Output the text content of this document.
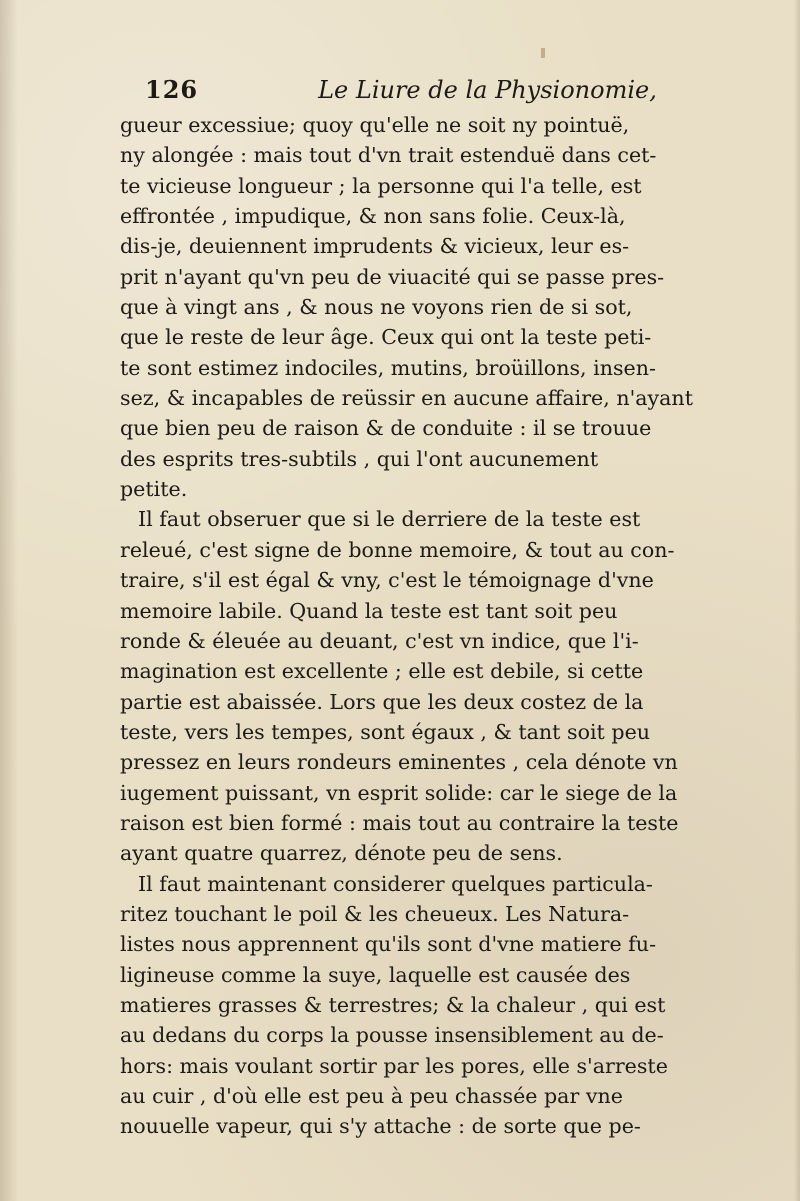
126	Le Liure de la Physionomie,
gueur excessiue; quoy qu'elle ne soit ny pointuë,
ny alongée : mais tout d'vn trait estenduë dans cet-
te vicieuse longueur ; la personne qui l'a telle, est
effrontée , impudique, & non sans folie. Ceux-là,
dis-je, deuiennent imprudents & vicieux, leur es-
prit n'ayant qu'vn peu de viuacité qui se passe pres-
que à vingt ans , & nous ne voyons rien de si sot,
que le reste de leur âge. Ceux qui ont la teste peti-
te sont estimez indociles, mutins, broüillons, insen-
sez, & incapables de reüssir en aucune affaire, n'ayant
que bien peu de raison & de conduite : il se trouue
des esprits tres-subtils , qui l'ont aucunement
petite.
Il faut obseruer que si le derriere de la teste est
releué, c'est signe de bonne memoire, & tout au con-
traire, s'il est égal & vny, c'est le témoignage d'vne
memoire labile. Quand la teste est tant soit peu
ronde & éleuée au deuant, c'est vn indice, que l'i-
magination est excellente ; elle est debile, si cette
partie est abaissée. Lors que les deux costez de la
teste, vers les tempes, sont égaux , & tant soit peu
pressez en leurs rondeurs eminentes , cela dénote vn
iugement puissant, vn esprit solide: car le siege de la
raison est bien formé : mais tout au contraire la teste
ayant quatre quarrez, dénote peu de sens.
Il faut maintenant considerer quelques particula-
ritez touchant le poil & les cheueux. Les Natura-
listes nous apprennent qu'ils sont d'vne matiere fu-
ligineuse comme la suye, laquelle est causée des
matieres grasses & terrestres; & la chaleur , qui est
au dedans du corps la pousse insensiblement au de-
hors: mais voulant sortir par les pores, elle s'arreste
au cuir , d'où elle est peu à peu chassée par vne
nouuelle vapeur, qui s'y attache : de sorte que pe-
